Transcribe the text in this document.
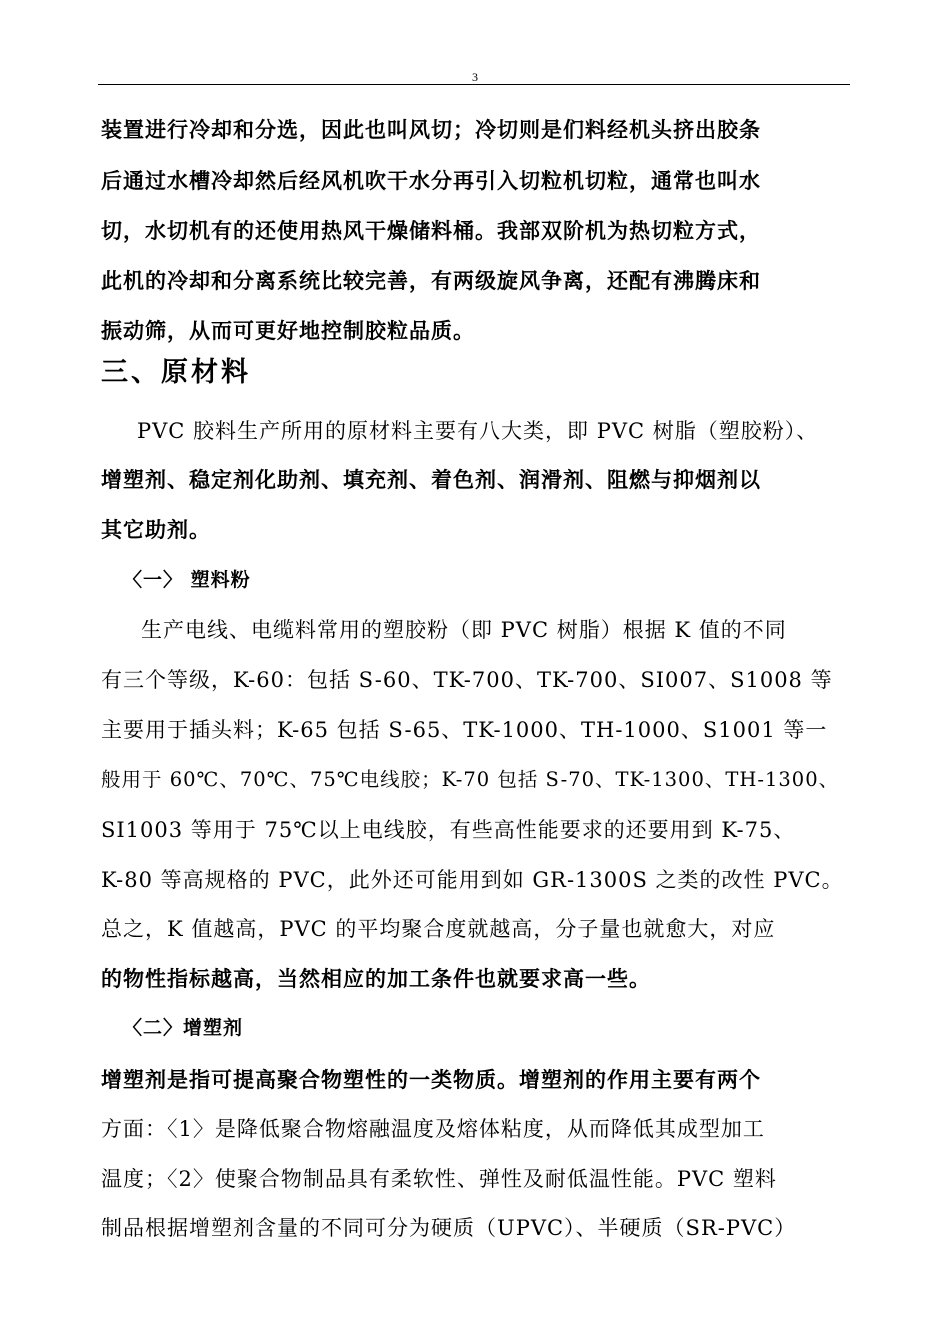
3
装置进行冷却和分选，因此也叫风切；冷切则是们料经机头挤出胶条
后通过水槽冷却然后经风机吹干水分再引入切粒机切粒，通常也叫水
切，水切机有的还使用热风干燥储料桶。我部双阶机为热切粒方式，
此机的冷却和分离系统比较完善，有两级旋风争离，还配有沸腾床和
振动筛，从而可更好地控制胶粒品质。
三、原材料
PVC 胶料生产所用的原材料主要有八大类，即 PVC 树脂（塑胶粉）、
增塑剂、稳定剂化助剂、填充剂、着色剂、润滑剂、阻燃与抑烟剂以
其它助剂。
〈一〉 塑料粉
生产电线、电缆料常用的塑胶粉（即 PVC 树脂）根据 K 值的不同
有三个等级，K-60：包括 S-60、TK-700、TK-700、SI007、S1008 等
主要用于插头料；K-65 包括 S-65、TK-1000、TH-1000、S1001 等一
般用于 60℃、70℃、75℃电线胶；K-70 包括 S-70、TK-1300、TH-1300、
SI1003 等用于 75℃以上电线胶，有些高性能要求的还要用到 K-75、
K-80 等高规格的 PVC，此外还可能用到如 GR-1300S 之类的改性 PVC。
总之，K 值越高，PVC 的平均聚合度就越高，分子量也就愈大，对应
的物性指标越高，当然相应的加工条件也就要求高一些。
〈二〉增塑剂
增塑剂是指可提高聚合物塑性的一类物质。增塑剂的作用主要有两个
方面：〈1〉是降低聚合物熔融温度及熔体粘度，从而降低其成型加工
温度；〈2〉使聚合物制品具有柔软性、弹性及耐低温性能。PVC 塑料
制品根据增塑剂含量的不同可分为硬质（UPVC）、半硬质（SR-PVC）
